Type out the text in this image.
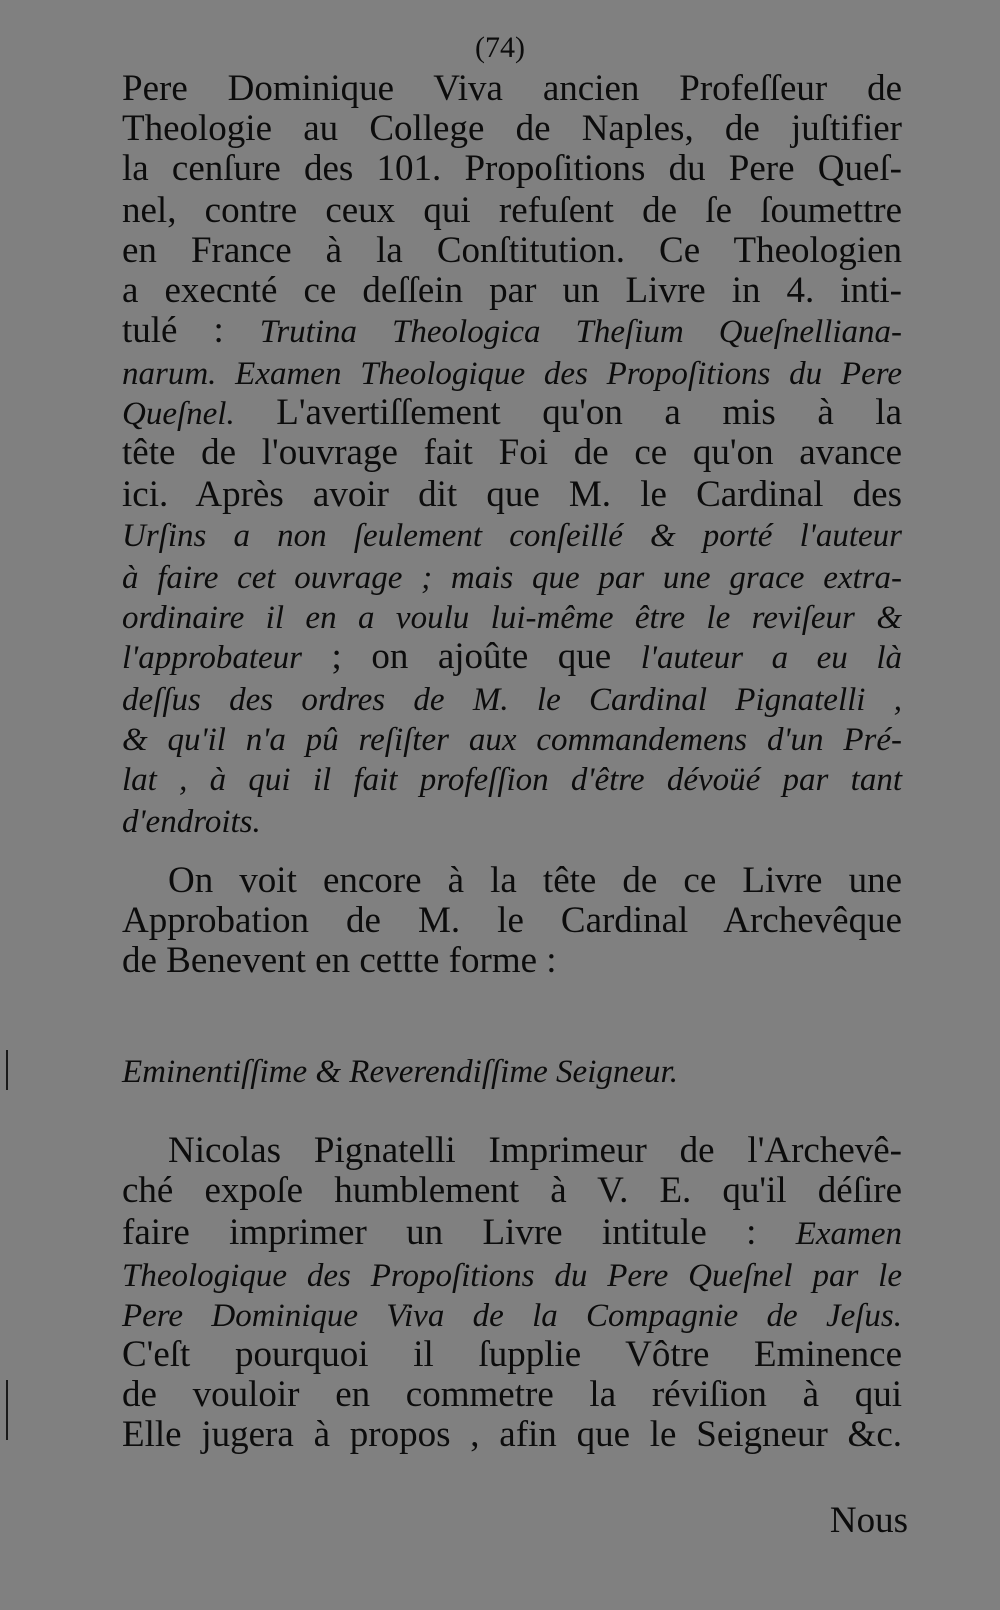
(74)
Pere Dominique Viva ancien Profeſſeur de
Theologie au College de Naples, de juſtifier
la cenſure des 101. Propoſitions du Pere Queſ-
nel, contre ceux qui refuſent de ſe ſoumettre
en France à la Conſtitution. Ce Theologien
a execnté ce deſſein par un Livre in 4. inti-
tulé : Trutina Theologica Theſium Queſnelliana-
narum. Examen Theologique des Propoſitions du Pere
Queſnel. L'avertiſſement qu'on a mis à la
tête de l'ouvrage fait Foi de ce qu'on avance
ici. Après avoir dit que M. le Cardinal des
Urſins a non ſeulement conſeillé & porté l'auteur
à faire cet ouvrage ; mais que par une grace extra-
ordinaire il en a voulu lui-même être le reviſeur &
l'approbateur ; on ajoûte que l'auteur a eu là
deſſus des ordres de M. le Cardinal Pignatelli ,
& qu'il n'a pû reſiſter aux commandemens d'un Pré-
lat , à qui il fait profeſſion d'être dévoüé par tant
d'endroits.
On voit encore à la tête de ce Livre une
Approbation de M. le Cardinal Archevêque
de Benevent en cettte forme :
Eminentiſſime & Reverendiſſime Seigneur.
Nicolas Pignatelli Imprimeur de l'Archevê-
ché expoſe humblement à V. E. qu'il déſire
faire imprimer un Livre intitule : Examen
Theologique des Propoſitions du Pere Queſnel par le
Pere Dominique Viva de la Compagnie de Jeſus.
C'eſt pourquoi il ſupplie Vôtre Eminence
de vouloir en commetre la réviſion à qui
Elle jugera à propos , afin que le Seigneur &c.
Nous
